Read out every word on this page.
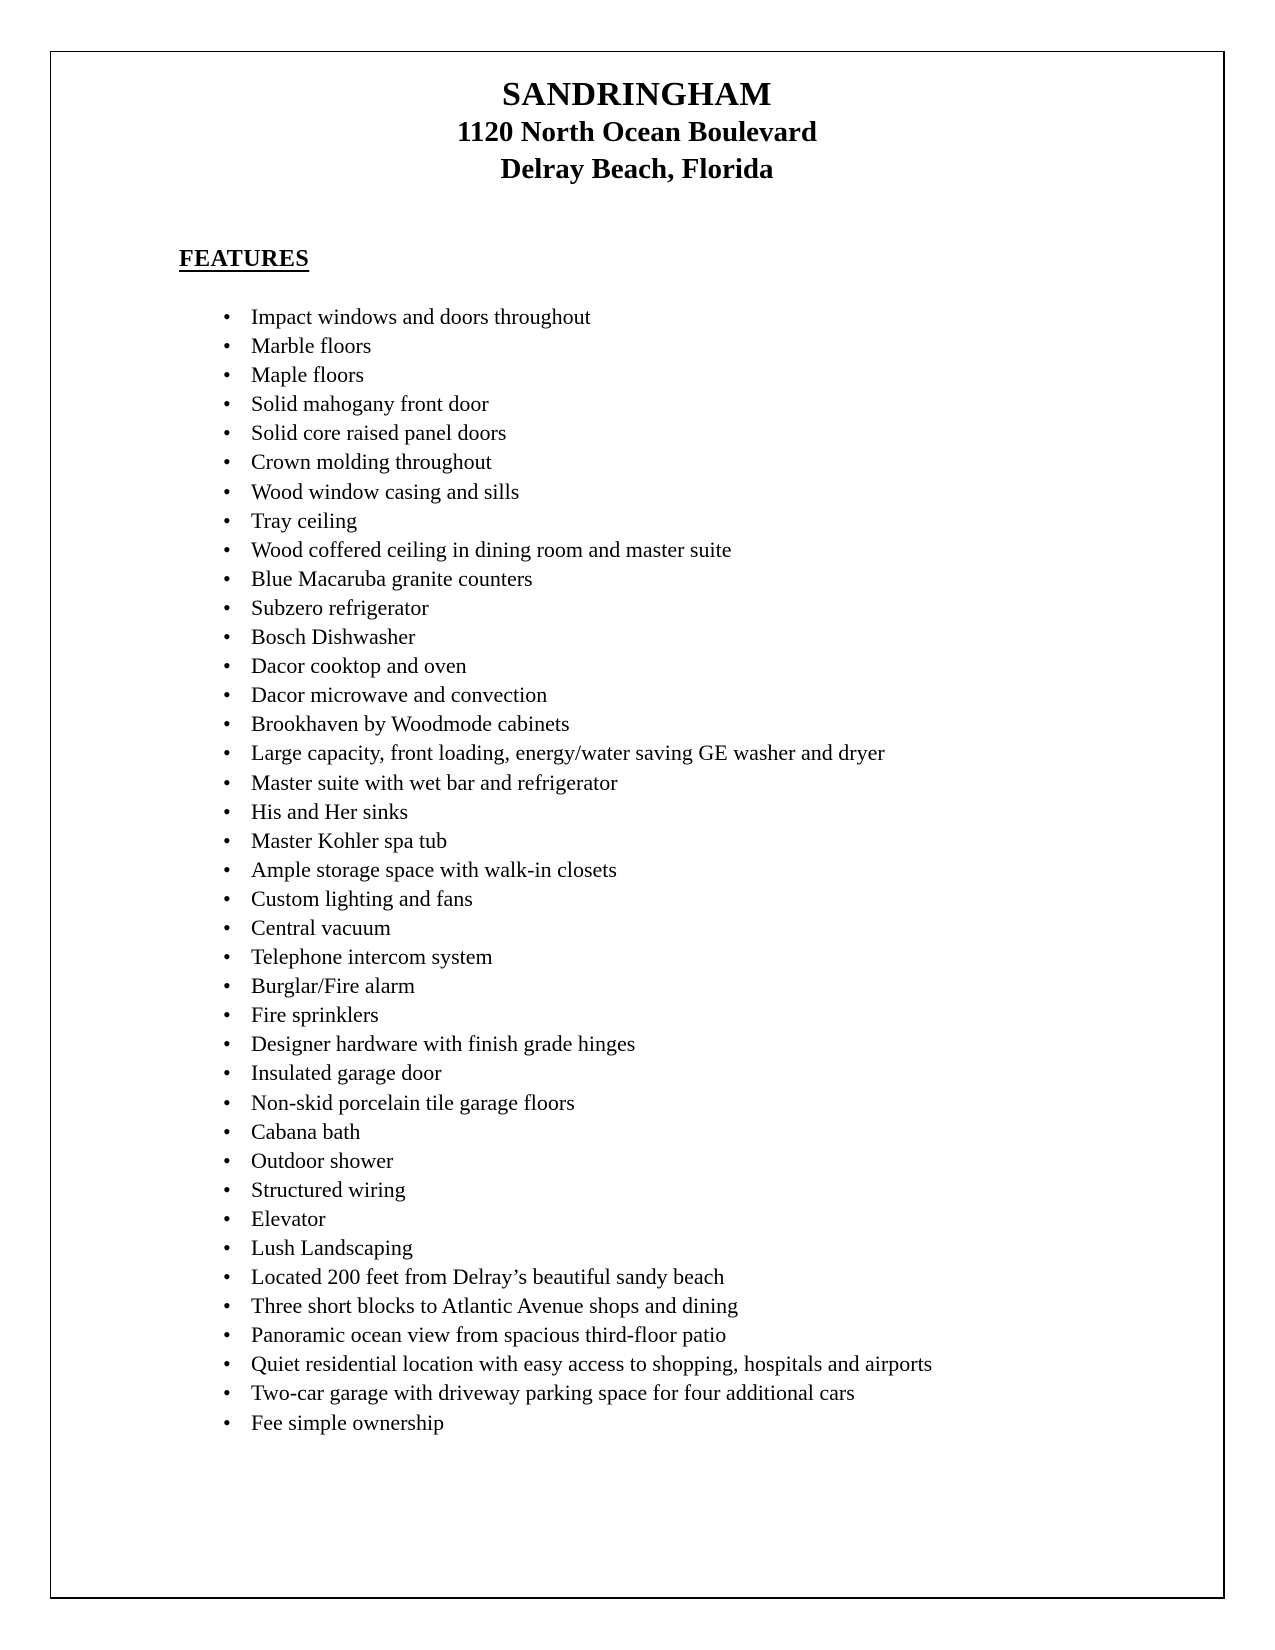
SANDRINGHAM
1120 North Ocean Boulevard
Delray Beach, Florida
FEATURES
• Impact windows and doors throughout
• Marble floors
• Maple floors
• Solid mahogany front door
• Solid core raised panel doors
• Crown molding throughout
• Wood window casing and sills
• Tray ceiling
• Wood coffered ceiling in dining room and master suite
• Blue Macaruba granite counters
• Subzero refrigerator
• Bosch Dishwasher
• Dacor cooktop and oven
• Dacor microwave and convection
• Brookhaven by Woodmode cabinets
• Large capacity, front loading, energy/water saving GE washer and dryer
• Master suite with wet bar and refrigerator
• His and Her sinks
• Master Kohler spa tub
• Ample storage space with walk-in closets
• Custom lighting and fans
• Central vacuum
• Telephone intercom system
• Burglar/Fire alarm
• Fire sprinklers
• Designer hardware with finish grade hinges
• Insulated garage door
• Non-skid porcelain tile garage floors
• Cabana bath
• Outdoor shower
• Structured wiring
• Elevator
• Lush Landscaping
• Located 200 feet from Delray’s beautiful sandy beach
• Three short blocks to Atlantic Avenue shops and dining
• Panoramic ocean view from spacious third-floor patio
• Quiet residential location with easy access to shopping, hospitals and airports
• Two-car garage with driveway parking space for four additional cars
• Fee simple ownership
